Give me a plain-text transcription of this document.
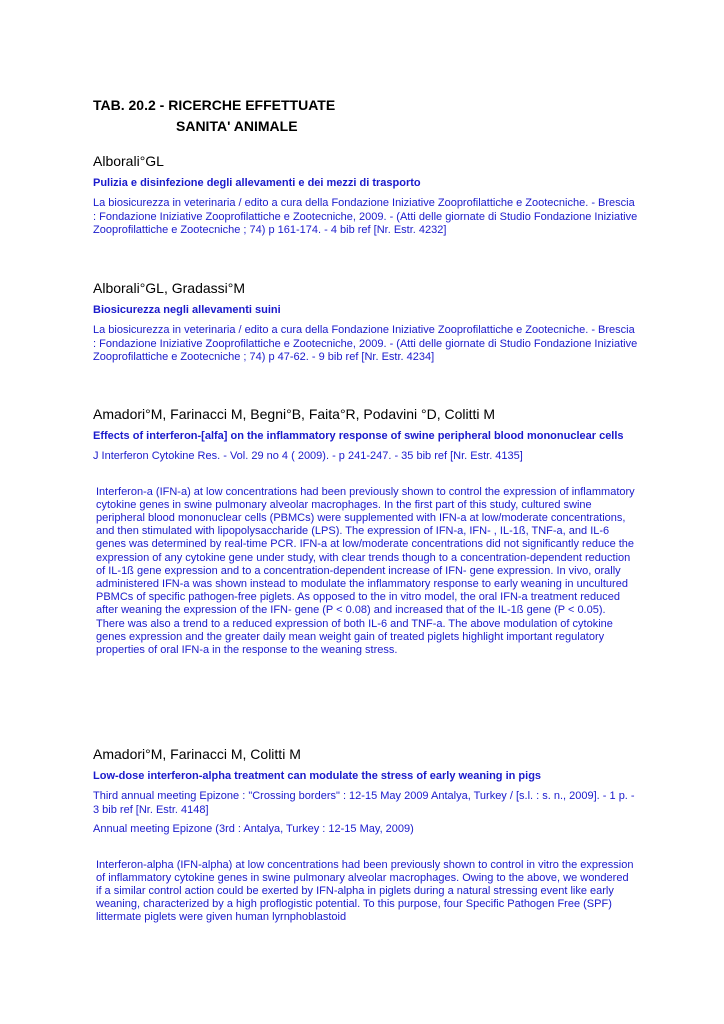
TAB. 20.2 - RICERCHE EFFETTUATE
SANITA' ANIMALE
Alborali°GL
Pulizia e disinfezione degli allevamenti e dei mezzi di trasporto
La biosicurezza in veterinaria / edito a cura della Fondazione Iniziative Zooprofilattiche e Zootecniche. - Brescia : Fondazione Iniziative Zooprofilattiche e Zootecniche, 2009. - (Atti delle giornate di Studio Fondazione Iniziative Zooprofilattiche e Zootecniche ; 74) p 161-174. - 4 bib ref [Nr. Estr. 4232]
Alborali°GL, Gradassi°M
Biosicurezza negli allevamenti suini
La biosicurezza in veterinaria / edito a cura della Fondazione Iniziative Zooprofilattiche e Zootecniche. - Brescia : Fondazione Iniziative Zooprofilattiche e Zootecniche, 2009. - (Atti delle giornate di Studio Fondazione Iniziative Zooprofilattiche e Zootecniche ; 74) p 47-62. - 9 bib ref [Nr. Estr. 4234]
Amadori°M, Farinacci M, Begni°B, Faita°R, Podavini °D, Colitti M
Effects of interferon-[alfa] on the inflammatory response of swine peripheral blood mononuclear cells
J Interferon Cytokine Res. - Vol. 29 no 4 ( 2009). - p 241-247. - 35 bib ref [Nr. Estr. 4135]
Interferon-a (IFN-a) at low concentrations had been previously shown to control the expression of inflammatory cytokine genes in swine pulmonary alveolar macrophages. In the first part of this study, cultured swine peripheral blood mononuclear cells (PBMCs) were supplemented with IFN-a at low/moderate concentrations, and then stimulated with lipopolysaccharide (LPS). The expression of IFN-a, IFN- , IL-1ß, TNF-a, and IL-6 genes was determined by real-time PCR. IFN-a at low/moderate concentrations did not significantly reduce the expression of any cytokine gene under study, with clear trends though to a concentration-dependent reduction of IL-1ß gene expression and to a concentration-dependent increase of IFN- gene expression. In vivo, orally administered IFN-a was shown instead to modulate the inflammatory response to early weaning in uncultured PBMCs of specific pathogen-free piglets. As opposed to the in vitro model, the oral IFN-a treatment reduced after weaning the expression of the IFN- gene (P < 0.08) and increased that of the IL-1ß gene (P < 0.05). There was also a trend to a reduced expression of both IL-6 and TNF-a. The above modulation of cytokine genes expression and the greater daily mean weight gain of treated piglets highlight important regulatory properties of oral IFN-a in the response to the weaning stress.
Amadori°M, Farinacci M, Colitti M
Low-dose interferon-alpha treatment can modulate the stress of early weaning in pigs
Third annual meeting Epizone : "Crossing borders" : 12-15 May 2009 Antalya, Turkey / [s.l. : s. n., 2009]. - 1 p. - 3 bib ref [Nr. Estr. 4148]
Annual meeting Epizone (3rd : Antalya, Turkey : 12-15 May, 2009)
Interferon-alpha (IFN-alpha) at low concentrations had been previously shown to control in vitro the expression of inflammatory cytokine genes in swine pulmonary alveolar macrophages. Owing to the above, we wondered if a similar control action could be exerted by IFN-alpha in piglets during a natural stressing event like early weaning, characterized by a high proflogistic potential. To this purpose, four Specific Pathogen Free (SPF) littermate piglets were given human lyrnphoblastoid
